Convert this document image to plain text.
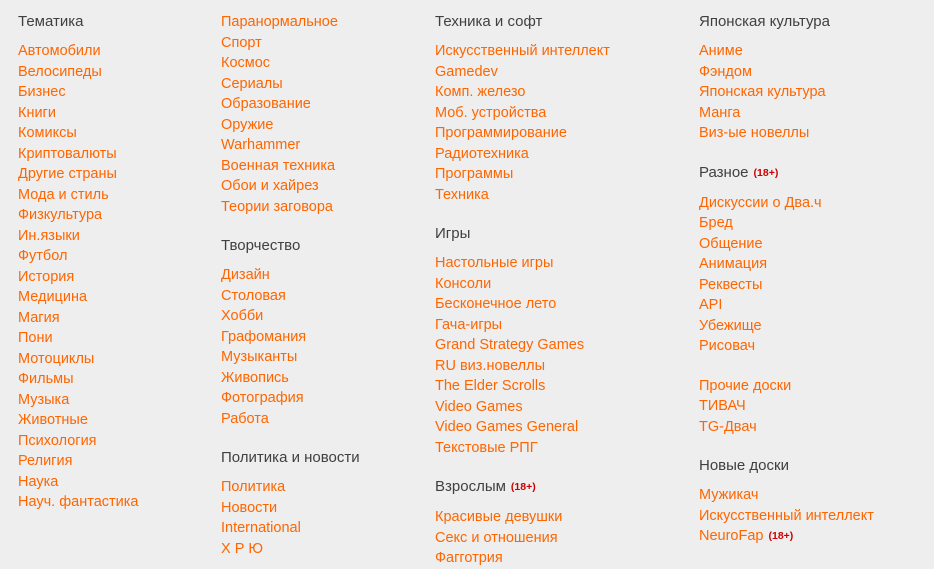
Тематика
Автомобили
Велосипеды
Бизнес
Книги
Комиксы
Криптовалюты
Другие страны
Мода и стиль
Физкультура
Ин.языки
Футбол
История
Медицина
Магия
Пони
Мотоциклы
Фильмы
Музыка
Животные
Психология
Религия
Наука
Науч. фантастика
Паранормальное
Спорт
Космос
Сериалы
Образование
Оружие
Warhammer
Военная техника
Обои и хайрез
Теории заговора
Творчество
Дизайн
Столовая
Хобби
Графомания
Музыканты
Живопись
Фотография
Работа
Политика и новости
Политика
Новости
International
Х Р Ю
Техника и софт
Искусственный интеллект
Gamedev
Комп. железо
Моб. устройства
Программирование
Радиотехника
Программы
Техника
Игры
Настольные игры
Консоли
Бесконечное лето
Гача-игры
Grand Strategy Games
RU виз.новеллы
The Elder Scrolls
Video Games
Video Games General
Текстовые РПГ
Взрослым (18+)
Красивые девушки
Секс и отношения
Фагготрия
Японская культура
Аниме
Фэндом
Японская культура
Манга
Виз-ые новеллы
Разное (18+)
Дискуссии о Два.ч
Бред
Общение
Анимация
Реквесты
API
Убежище
Рисовач
Прочие доски
ТИВАЧ
TG-Двач
Новые доски
Мужикач
Искусственный интеллект
NeuroFap (18+)
